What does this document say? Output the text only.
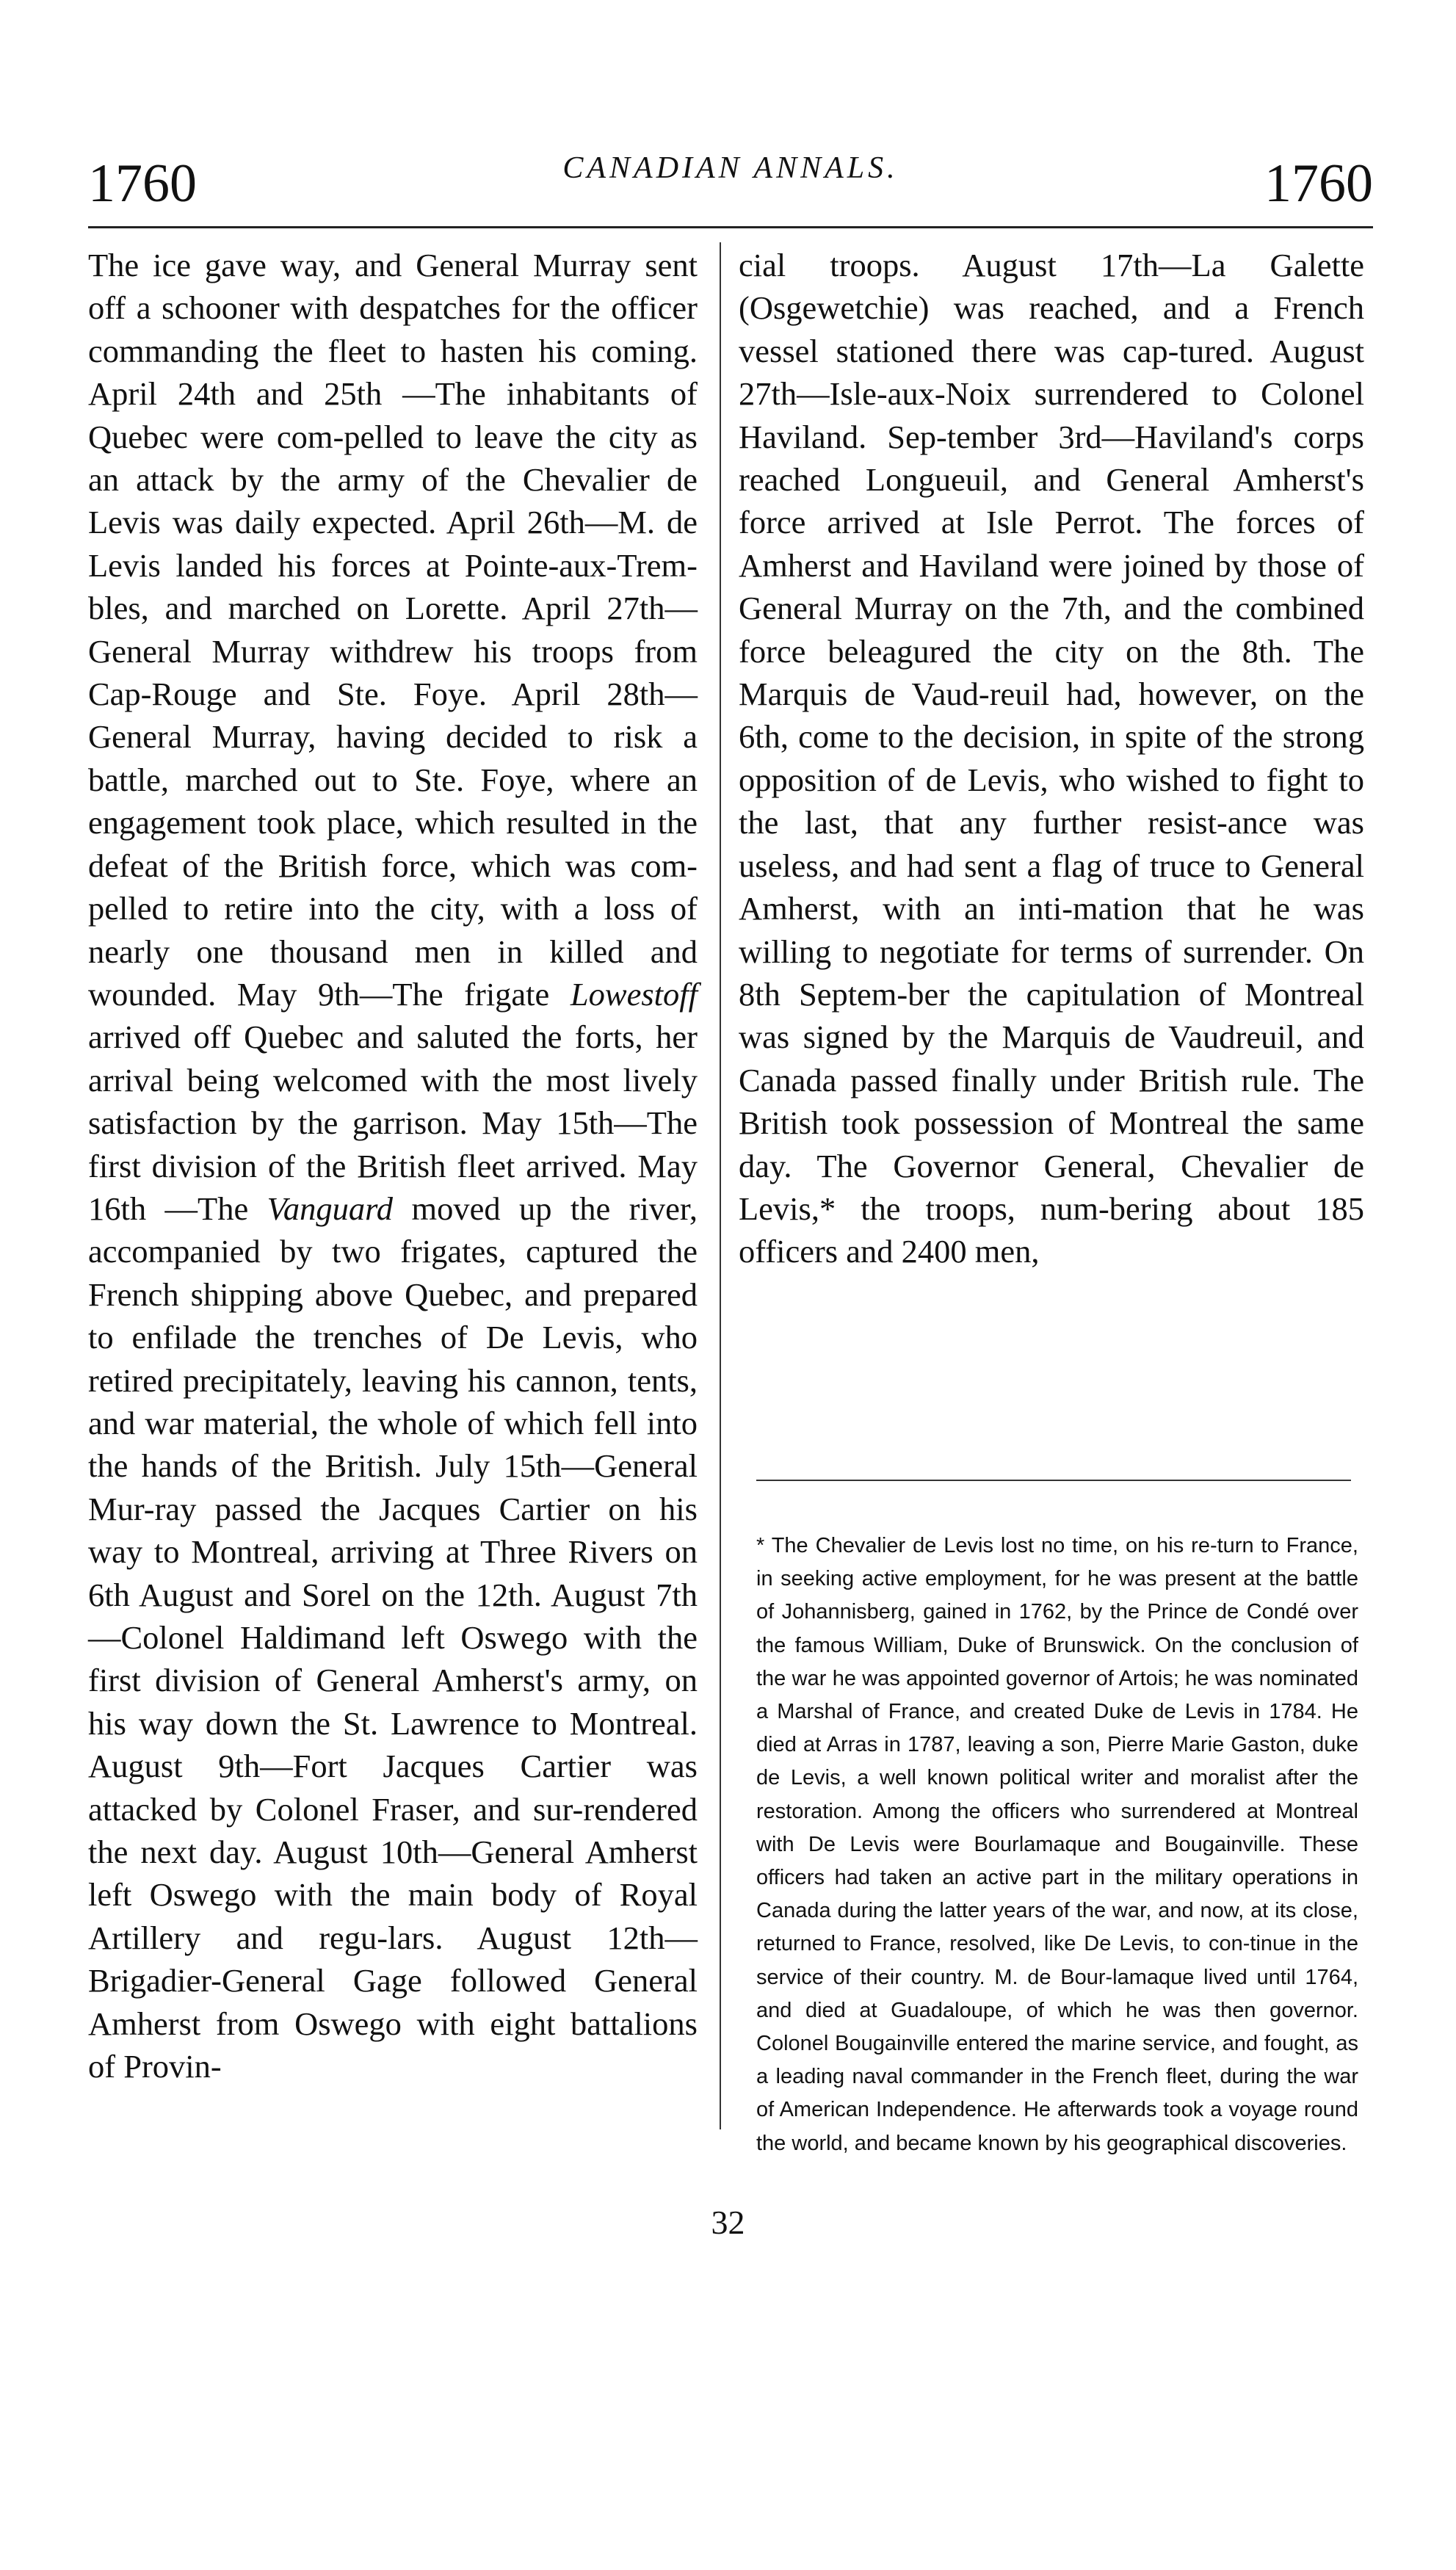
1760	CANADIAN ANNALS.	1760

The ice gave way, and General Murray sent off a schooner with despatches for the officer commanding the fleet to hasten his coming. April 24th and 25th —The inhabitants of Quebec were com-pelled to leave the city as an attack by the army of the Chevalier de Levis was daily expected. April 26th—M. de Levis landed his forces at Pointe-aux-Trem-bles, and marched on Lorette. April 27th—General Murray withdrew his troops from Cap-Rouge and Ste. Foye. April 28th—General Murray, having decided to risk a battle, marched out to Ste. Foye, where an engagement took place, which resulted in the defeat of the British force, which was com-pelled to retire into the city, with a loss of nearly one thousand men in killed and wounded. May 9th—The frigate Lowestoff arrived off Quebec and saluted the forts, her arrival being welcomed with the most lively satisfaction by the garrison. May 15th—The first division of the British fleet arrived. May 16th —The Vanguard moved up the river, accompanied by two frigates, captured the French shipping above Quebec, and prepared to enfilade the trenches of De Levis, who retired precipitately, leaving his cannon, tents, and war material, the whole of which fell into the hands of the British. July 15th—General Mur-ray passed the Jacques Cartier on his way to Montreal, arriving at Three Rivers on 6th August and Sorel on the 12th. August 7th—Colonel Haldimand left Oswego with the first division of General Amherst's army, on his way down the St. Lawrence to Montreal. August 9th—Fort Jacques Cartier was attacked by Colonel Fraser, and sur-rendered the next day. August 10th—General Amherst left Oswego with the main body of Royal Artillery and regu-lars. August 12th—Brigadier-General Gage followed General Amherst from Oswego with eight battalions of Provin-

cial troops. August 17th—La Galette (Osgewetchie) was reached, and a French vessel stationed there was cap-tured. August 27th—Isle-aux-Noix surrendered to Colonel Haviland. Sep-tember 3rd—Haviland's corps reached Longueuil, and General Amherst's force arrived at Isle Perrot. The forces of Amherst and Haviland were joined by those of General Murray on the 7th, and the combined force beleagured the city on the 8th. The Marquis de Vaud-reuil had, however, on the 6th, come to the decision, in spite of the strong opposition of de Levis, who wished to fight to the last, that any further resist-ance was useless, and had sent a flag of truce to General Amherst, with an inti-mation that he was willing to negotiate for terms of surrender. On 8th Septem-ber the capitulation of Montreal was signed by the Marquis de Vaudreuil, and Canada passed finally under British rule. The British took possession of Montreal the same day. The Governor General, Chevalier de Levis,* the troops, num-bering about 185 officers and 2400 men,

* The Chevalier de Levis lost no time, on his re-turn to France, in seeking active employment, for he was present at the battle of Johannisberg, gained in 1762, by the Prince de Condé over the famous William, Duke of Brunswick. On the conclusion of the war he was appointed governor of Artois; he was nominated a Marshal of France, and created Duke de Levis in 1784. He died at Arras in 1787, leaving a son, Pierre Marie Gaston, duke de Levis, a well known political writer and moralist after the restoration. Among the officers who surrendered at Montreal with De Levis were Bourlamaque and Bougainville. These officers had taken an active part in the military operations in Canada during the latter years of the war, and now, at its close, returned to France, resolved, like De Levis, to con-tinue in the service of their country. M. de Bour-lamaque lived until 1764, and died at Guadaloupe, of which he was then governor. Colonel Bougainville entered the marine service, and fought, as a leading naval commander in the French fleet, during the war of American Independence. He afterwards took a voyage round the world, and became known by his geographical discoveries.

32
